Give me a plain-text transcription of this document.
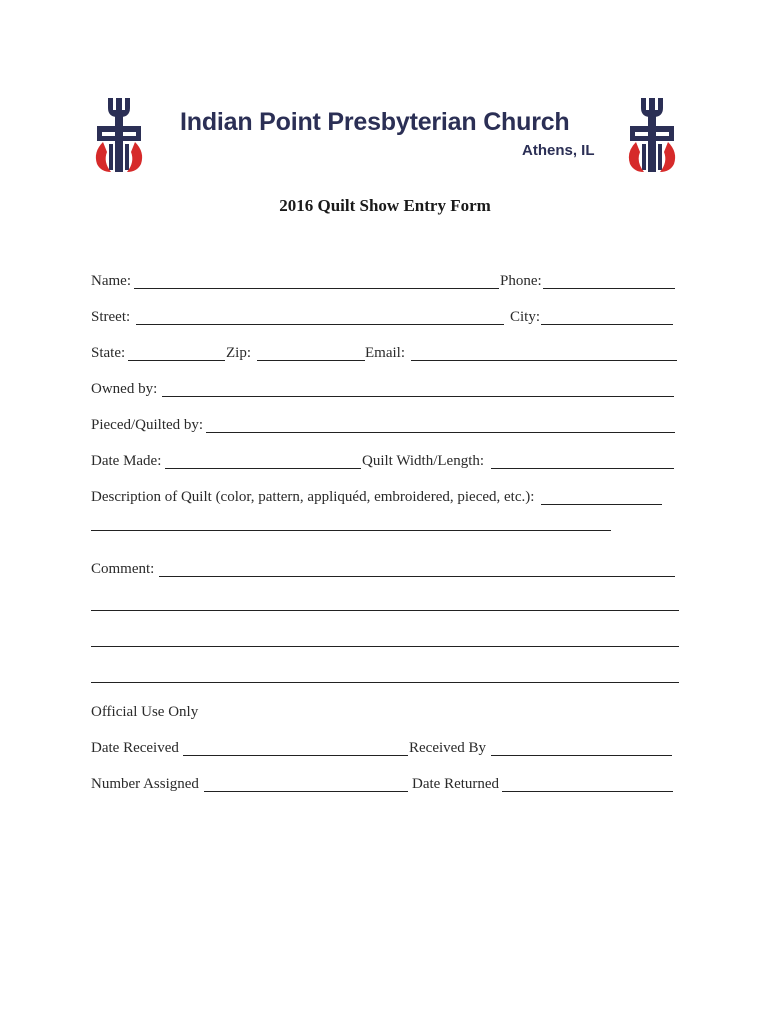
Indian Point Presbyterian Church
Athens, IL
2016 Quilt Show Entry Form
Name:	Phone:
Street:	City:
State:	Zip:	Email:
Owned by:
Pieced/Quilted by:
Date Made:	Quilt Width/Length:
Description of Quilt (color, pattern, appliquéd, embroidered, pieced, etc.):
Comment:
Official Use Only
Date Received	Received By
Number Assigned	Date Returned
